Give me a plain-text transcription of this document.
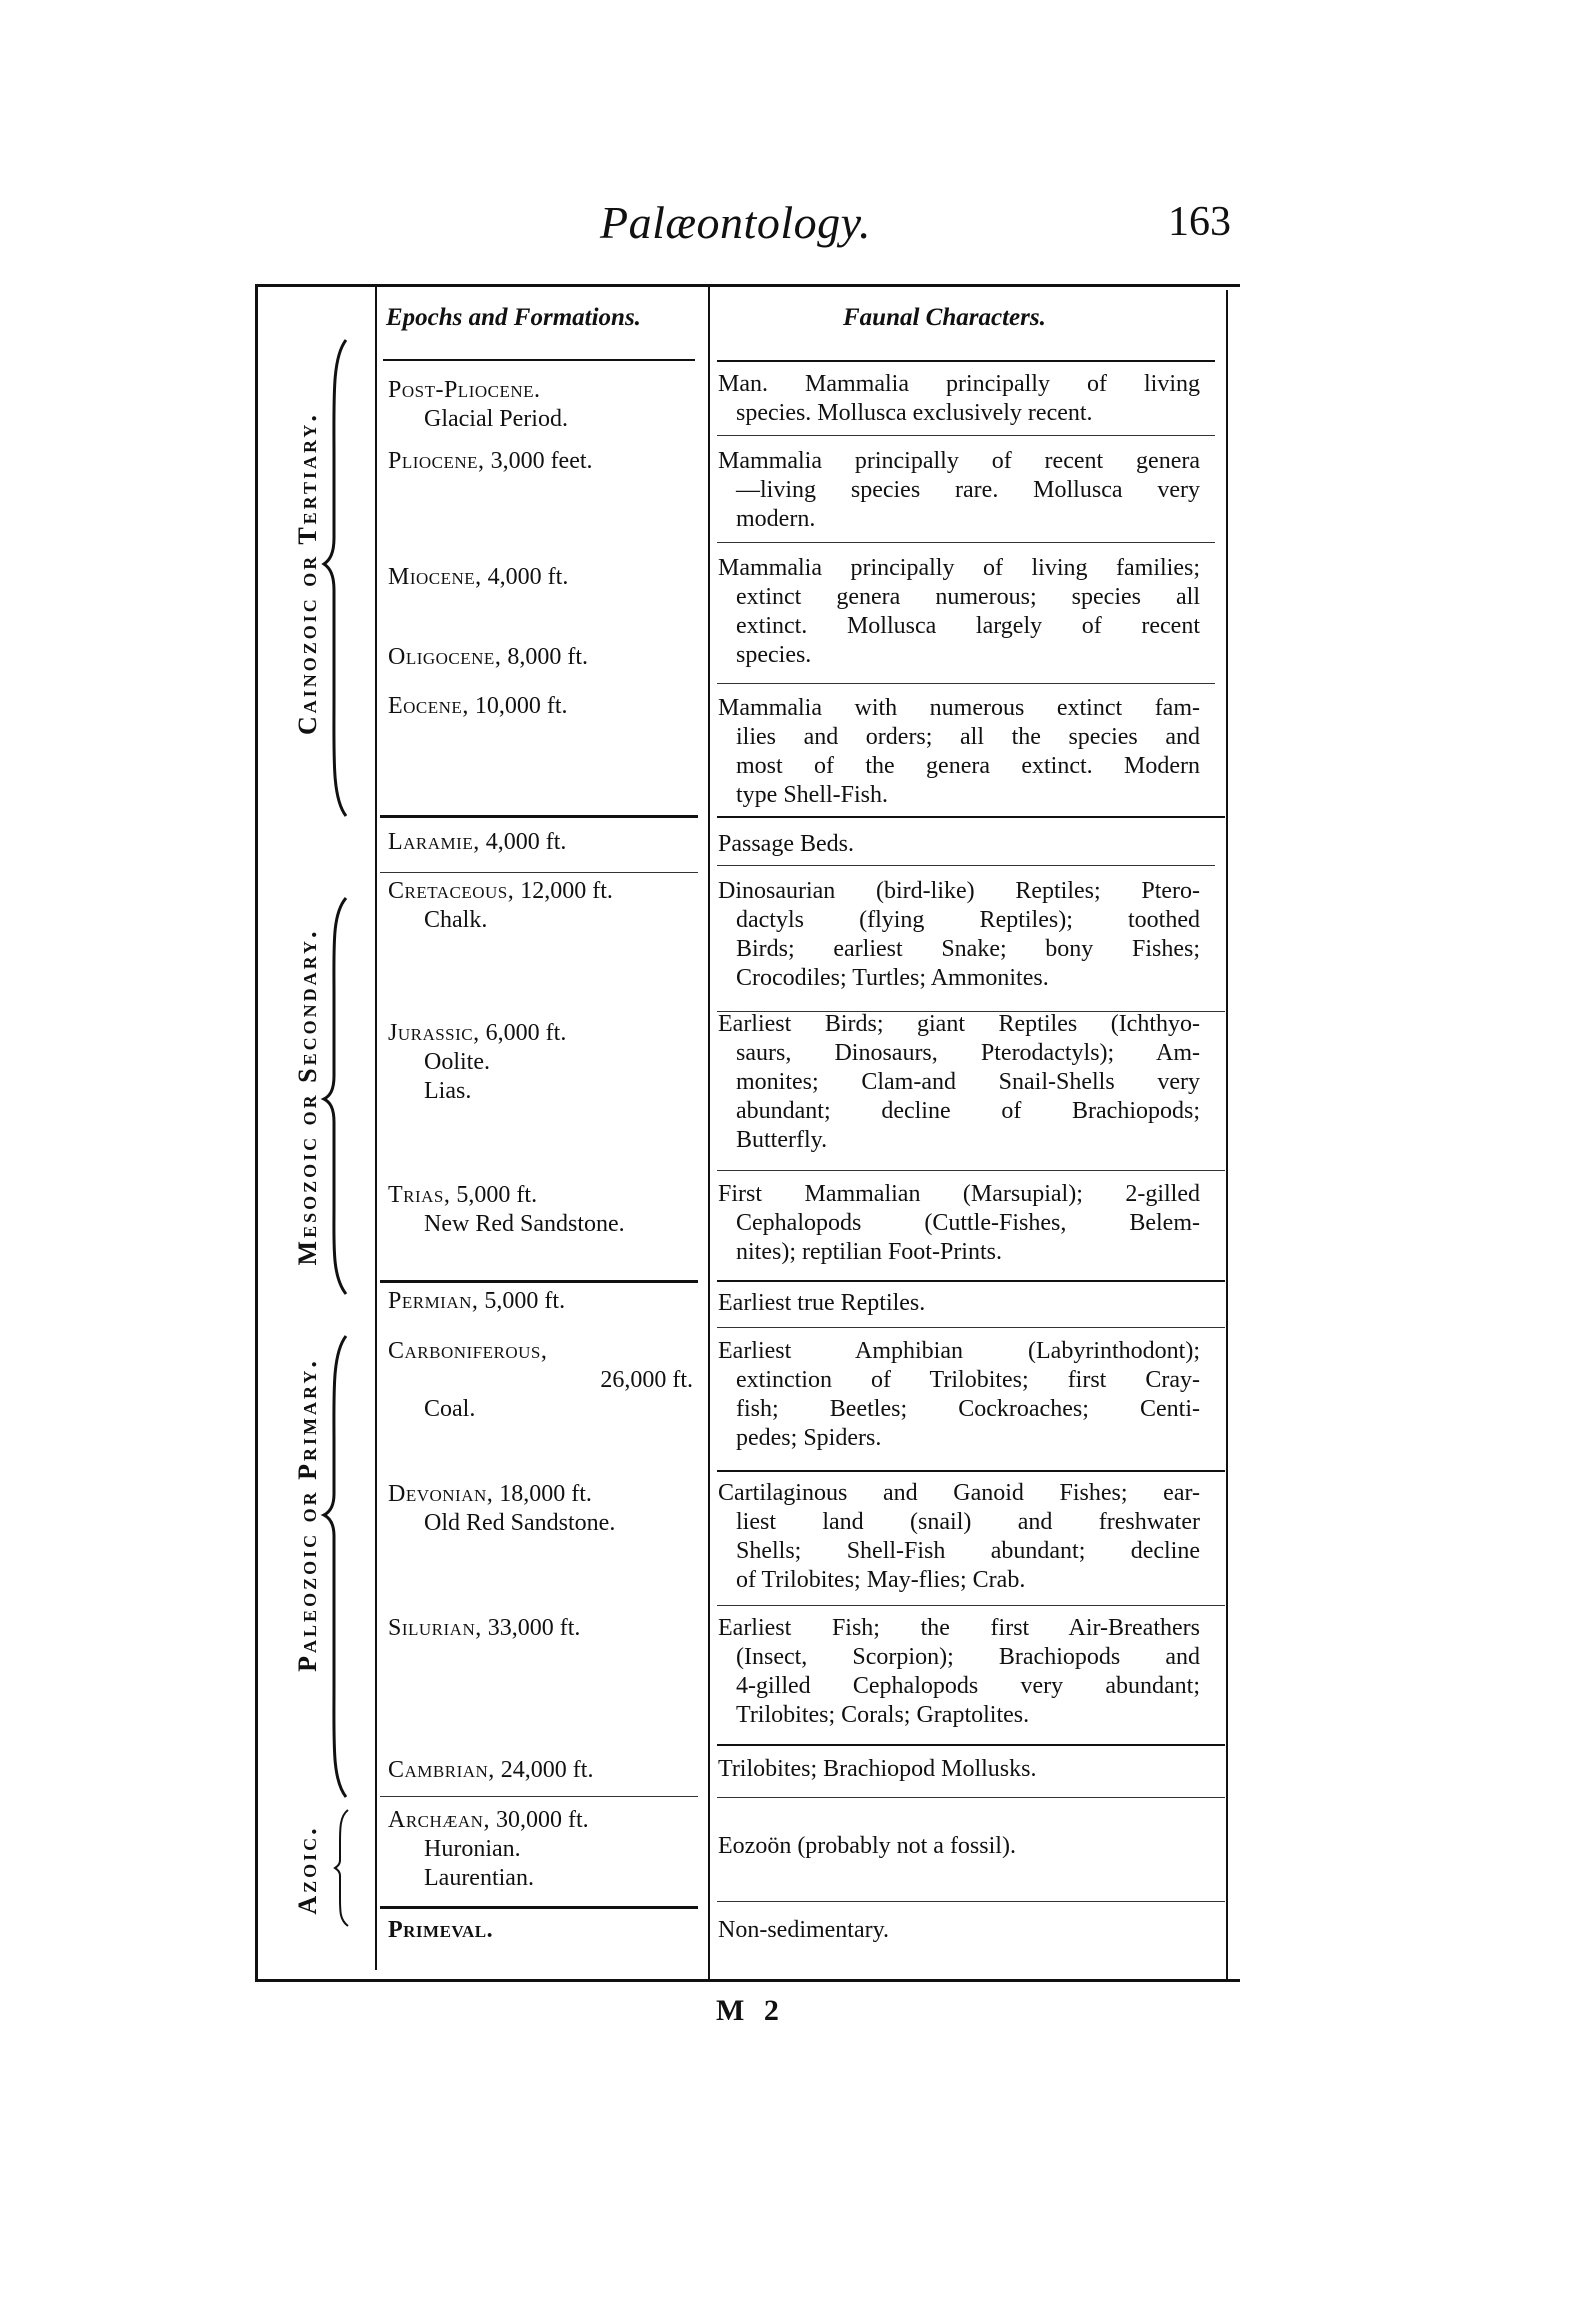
Palæontology.	163
Epochs and Formations.	Faunal Characters.
Cainozoic or Tertiary.
Mesozoic or Secondary.
Paleozoic or Primary.
Azoic.
Post-Pliocene.
Glacial Period.
Pliocene, 3,000 feet.
Miocene, 4,000 ft.
Oligocene, 8,000 ft.
Eocene, 10,000 ft.
Laramie, 4,000 ft.
Cretaceous, 12,000 ft.
Chalk.
Jurassic, 6,000 ft.
Oolite.
Lias.
Trias, 5,000 ft.
New Red Sandstone.
Permian, 5,000 ft.
Carboniferous,
26,000 ft.
Coal.
Devonian, 18,000 ft.
Old Red Sandstone.
Silurian, 33,000 ft.
Cambrian, 24,000 ft.
Archæan, 30,000 ft.
Huronian.
Laurentian.
Primeval.
Man. Mammalia principally of living
species. Mollusca exclusively recent.
Mammalia principally of recent genera
—living species rare. Mollusca very
modern.
Mammalia principally of living families;
extinct genera numerous; species all
extinct. Mollusca largely of recent
species.
Mammalia with numerous extinct fam-
ilies and orders; all the species and
most of the genera extinct. Modern
type Shell-Fish.
Passage Beds.
Dinosaurian (bird-like) Reptiles; Ptero-
dactyls (flying Reptiles); toothed
Birds; earliest Snake; bony Fishes;
Crocodiles; Turtles; Ammonites.
Earliest Birds; giant Reptiles (Ichthyo-
saurs, Dinosaurs, Pterodactyls); Am-
monites; Clam-and Snail-Shells very
abundant; decline of Brachiopods;
Butterfly.
First Mammalian (Marsupial); 2-gilled
Cephalopods (Cuttle-Fishes, Belem-
nites); reptilian Foot-Prints.
Earliest true Reptiles.
Earliest Amphibian (Labyrinthodont);
extinction of Trilobites; first Cray-
fish; Beetles; Cockroaches; Centi-
pedes; Spiders.
Cartilaginous and Ganoid Fishes; ear-
liest land (snail) and freshwater
Shells; Shell-Fish abundant; decline
of Trilobites; May-flies; Crab.
Earliest Fish; the first Air-Breathers
(Insect, Scorpion); Brachiopods and
4-gilled Cephalopods very abundant;
Trilobites; Corals; Graptolites.
Trilobites; Brachiopod Mollusks.
Eozoön (probably not a fossil).
Non-sedimentary.
M 2
